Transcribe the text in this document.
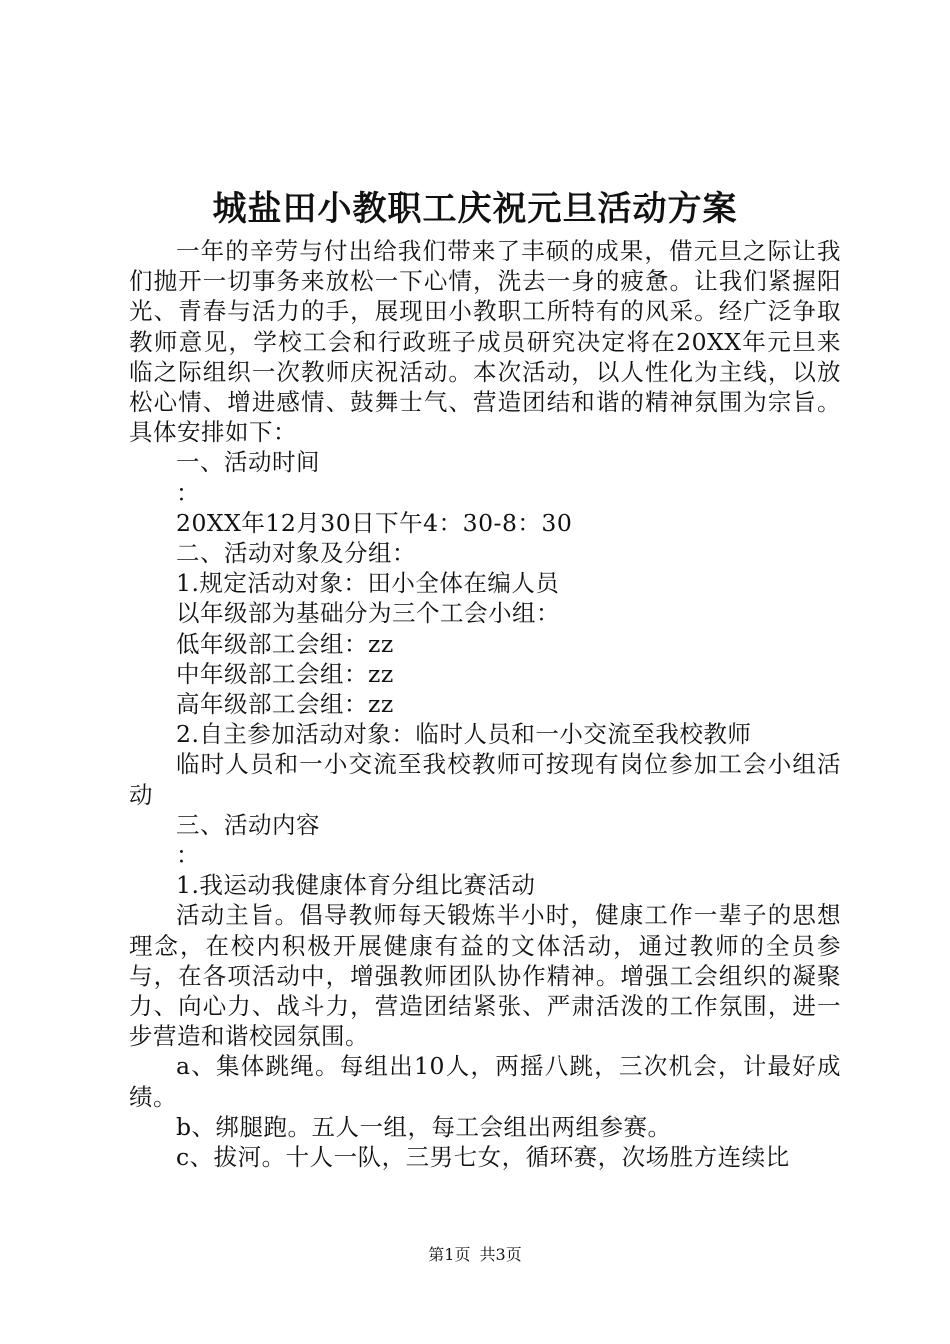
城盐田小教职工庆祝元旦活动方案

一年的辛劳与付出给我们带来了丰硕的成果，借元旦之际让我们抛开一切事务来放松一下心情，洗去一身的疲惫。让我们紧握阳光、青春与活力的手，展现田小教职工所特有的风采。经广泛争取教师意见，学校工会和行政班子成员研究决定将在20XX年元旦来临之际组织一次教师庆祝活动。本次活动，以人性化为主线，以放松心情、增进感情、鼓舞士气、营造团结和谐的精神氛围为宗旨。具体安排如下：

一、活动时间

：

20XX年12月30日下午4：30-8：30

二、活动对象及分组：

1.规定活动对象：田小全体在编人员

以年级部为基础分为三个工会小组：

低年级部工会组：zz

中年级部工会组：zz

高年级部工会组：zz

2.自主参加活动对象：临时人员和一小交流至我校教师

临时人员和一小交流至我校教师可按现有岗位参加工会小组活动

三、活动内容

：

1.我运动我健康体育分组比赛活动

活动主旨。倡导教师每天锻炼半小时，健康工作一辈子的思想理念，在校内积极开展健康有益的文体活动，通过教师的全员参与，在各项活动中，增强教师团队协作精神。增强工会组织的凝聚力、向心力、战斗力，营造团结紧张、严肃活泼的工作氛围，进一步营造和谐校园氛围。

a、集体跳绳。每组出10人，两摇八跳，三次机会，计最好成绩。

b、绑腿跑。五人一组，每工会组出两组参赛。

c、拔河。十人一队，三男七女，循环赛，次场胜方连续比

第1页 共3页
